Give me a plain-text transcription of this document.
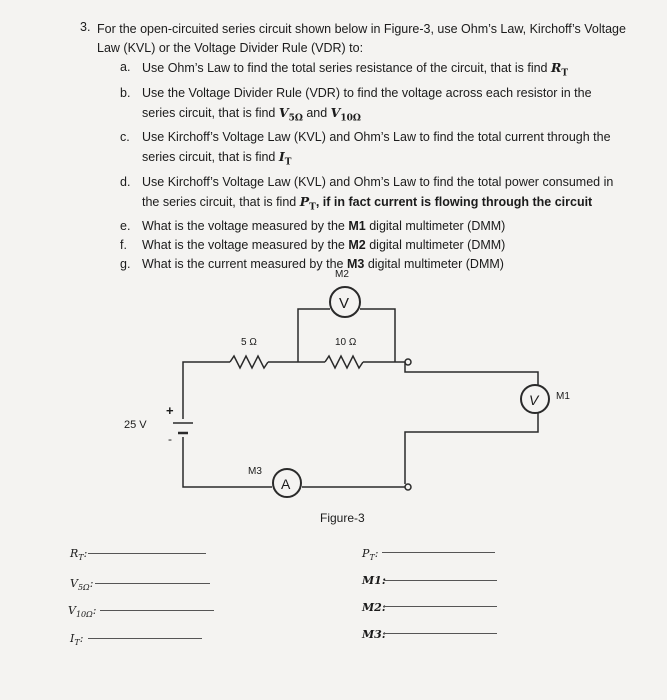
3. For the open-circuited series circuit shown below in Figure-3, use Ohm’s Law, Kirchoff’s Voltage Law (KVL) or the Voltage Divider Rule (VDR) to:
a. Use Ohm’s Law to find the total series resistance of the circuit, that is find $R_T$
b. Use the Voltage Divider Rule (VDR) to find the voltage across each resistor in the series circuit, that is find $V_{5\Omega}$ and $V_{10\Omega}$
c. Use Kirchoff’s Voltage Law (KVL) and Ohm’s Law to find the total current through the series circuit, that is find $I_T$
d. Use Kirchoff’s Voltage Law (KVL) and Ohm’s Law to find the total power consumed in the series circuit, that is find $P_T$, if in fact current is flowing through the circuit
e. What is the voltage measured by the M1 digital multimeter (DMM)
f.	What is the voltage measured by the M2 digital multimeter (DMM)
g. What is the current measured by the M3 digital multimeter (DMM)
5 Ω	10 Ω
M2
M1
M3
25 V
+
-
V
V
A
Figure-3
$R_T$:
$V_{5\Omega}$:
$V_{10\Omega}$:
$I_T$:
$P_T$:
M1:
M2:
M3:
